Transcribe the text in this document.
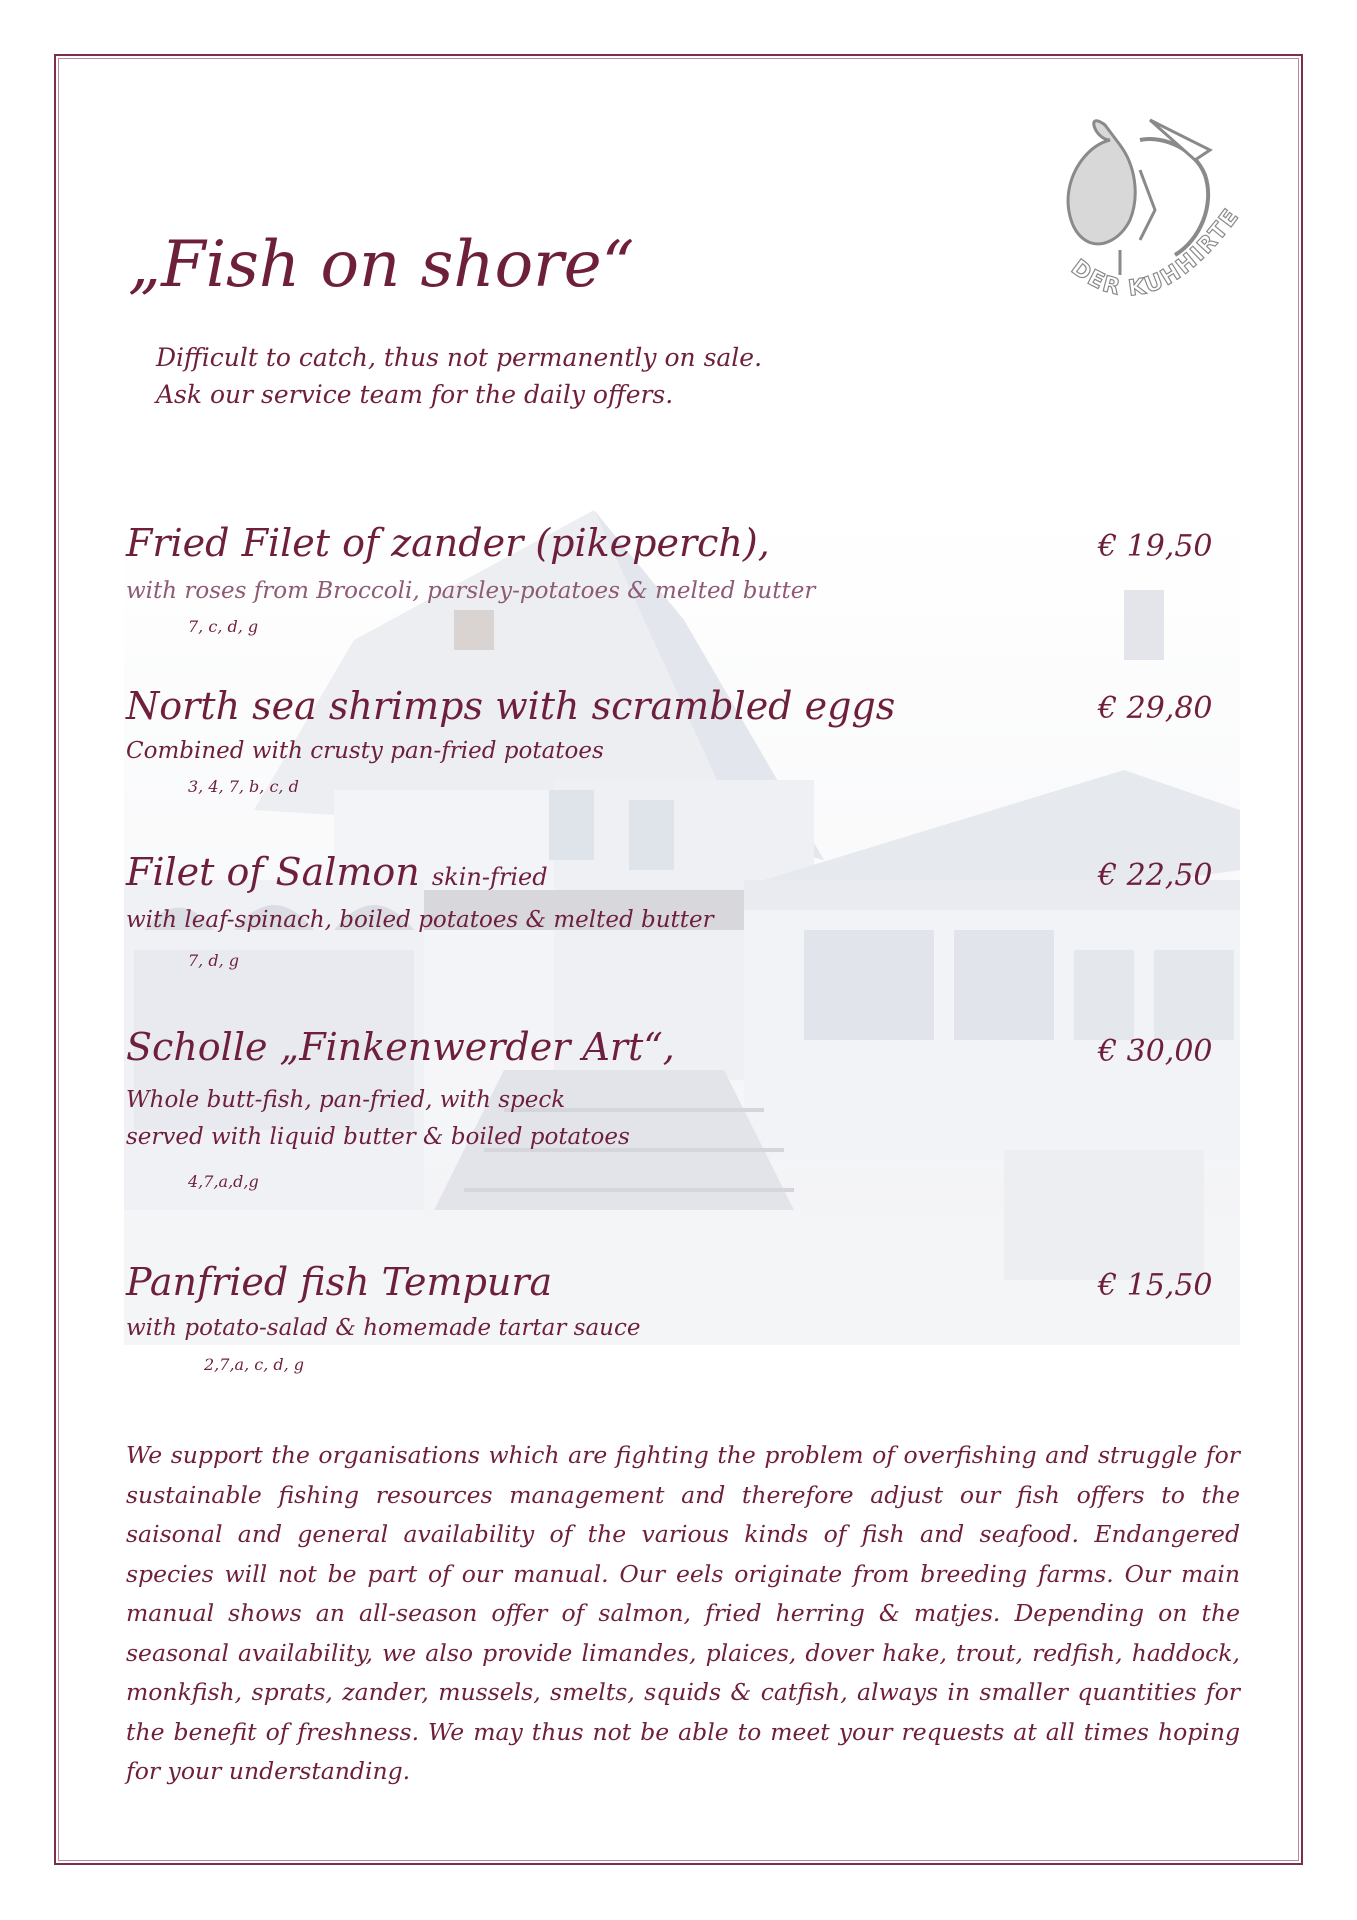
DER KUHHIRTE
„Fish on shore“
Difficult to catch, thus not permanently on sale.
Ask our service team for the daily offers.
Fried Filet of zander (pikeperch),	€ 19,50
with roses from Broccoli, parsley-potatoes & melted butter
7, c, d, g
North sea shrimps with scrambled eggs	€ 29,80
Combined with crusty pan-fried potatoes
3, 4, 7, b, c, d
Filet of Salmon skin-fried	€ 22,50
with leaf-spinach, boiled potatoes & melted butter
7, d, g
Scholle „Finkenwerder Art“,	€ 30,00
Whole butt-fish, pan-fried, with speck
served with liquid butter & boiled potatoes
4,7,a,d,g
Panfried fish Tempura	€ 15,50
with potato-salad & homemade tartar sauce
2,7,a, c, d, g
We support the organisations which are fighting the problem of overfishing and struggle for sustainable fishing resources management and therefore adjust our fish offers to the saisonal and general availability of the various kinds of fish and seafood. Endangered species will not be part of our manual. Our eels originate from breeding farms. Our main manual shows an all-season offer of salmon, fried herring & matjes. Depending on the seasonal availability, we also provide limandes, plaices, dover hake, trout, redfish, haddock, monkfish, sprats, zander, mussels, smelts, squids & catfish, always in smaller quantities for the benefit of freshness. We may thus not be able to meet your requests at all times hoping for your understanding.
